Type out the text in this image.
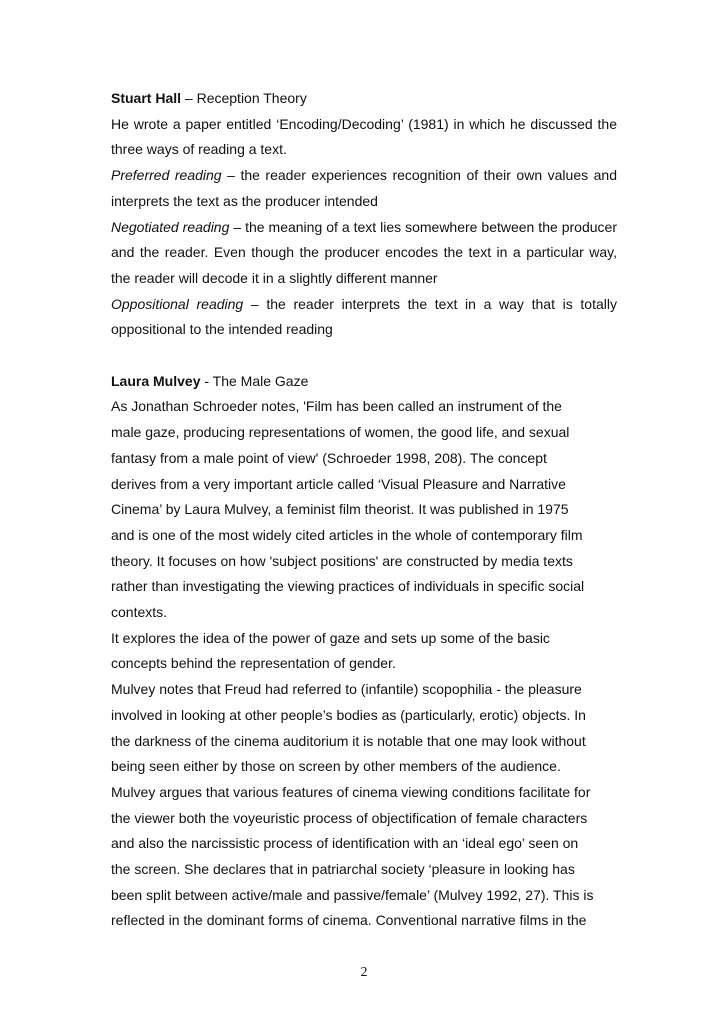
Stuart Hall – Reception Theory

He wrote a paper entitled ‘Encoding/Decoding’ (1981) in which he discussed the three ways of reading a text.

Preferred reading – the reader experiences recognition of their own values and interprets the text as the producer intended

Negotiated reading – the meaning of a text lies somewhere between the producer and the reader. Even though the producer encodes the text in a particular way, the reader will decode it in a slightly different manner

Oppositional reading – the reader interprets the text in a way that is totally oppositional to the intended reading

Laura Mulvey - The Male Gaze

As Jonathan Schroeder notes, 'Film has been called an instrument of the

male gaze, producing representations of women, the good life, and sexual

fantasy from a male point of view' (Schroeder 1998, 208). The concept

derives from a very important article called ‘Visual Pleasure and Narrative

Cinema’ by Laura Mulvey, a feminist film theorist. It was published in 1975

and is one of the most widely cited articles in the whole of contemporary film

theory. It focuses on how 'subject positions' are constructed by media texts

rather than investigating the viewing practices of individuals in specific social

contexts.

It explores the idea of the power of gaze and sets up some of the basic

concepts behind the representation of gender.

Mulvey notes that Freud had referred to (infantile) scopophilia - the pleasure

involved in looking at other people’s bodies as (particularly, erotic) objects. In

the darkness of the cinema auditorium it is notable that one may look without

being seen either by those on screen by other members of the audience.

Mulvey argues that various features of cinema viewing conditions facilitate for

the viewer both the voyeuristic process of objectification of female characters

and also the narcissistic process of identification with an ‘ideal ego’ seen on

the screen. She declares that in patriarchal society ‘pleasure in looking has

been split between active/male and passive/female’ (Mulvey 1992, 27). This is

reflected in the dominant forms of cinema. Conventional narrative films in the

2
